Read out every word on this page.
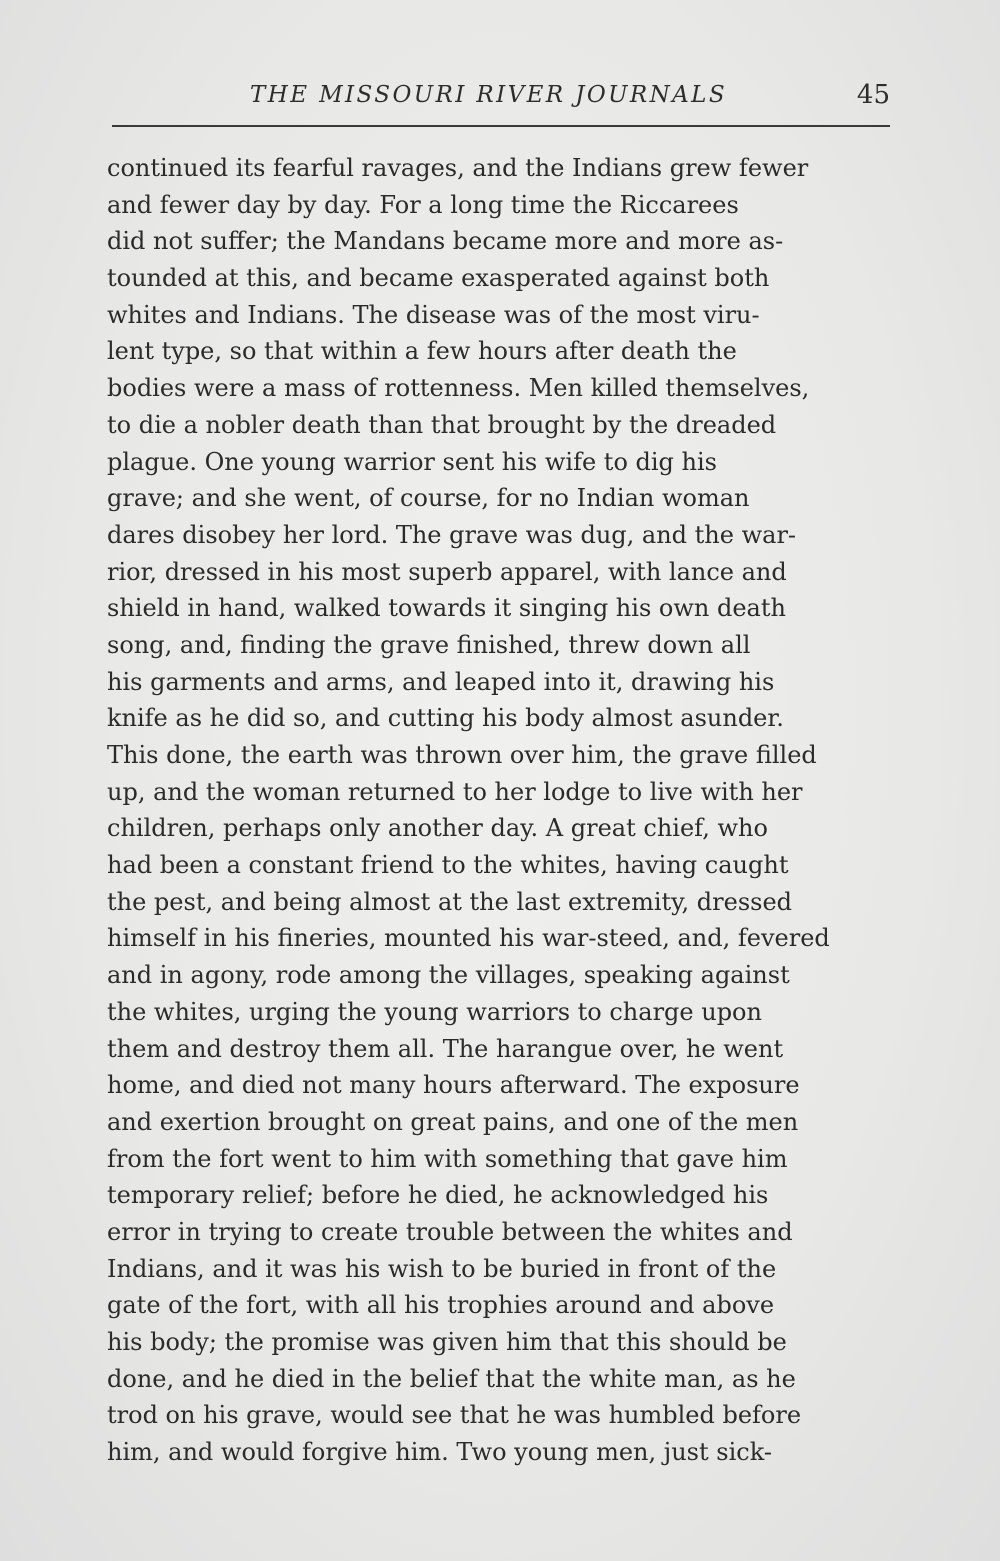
THE MISSOURI RIVER JOURNALS	45
continued its fearful ravages, and the Indians grew fewer
and fewer day by day. For a long time the Riccarees
did not suffer; the Mandans became more and more as-
tounded at this, and became exasperated against both
whites and Indians. The disease was of the most viru-
lent type, so that within a few hours after death the
bodies were a mass of rottenness. Men killed themselves,
to die a nobler death than that brought by the dreaded
plague. One young warrior sent his wife to dig his
grave; and she went, of course, for no Indian woman
dares disobey her lord. The grave was dug, and the war-
rior, dressed in his most superb apparel, with lance and
shield in hand, walked towards it singing his own death
song, and, finding the grave finished, threw down all
his garments and arms, and leaped into it, drawing his
knife as he did so, and cutting his body almost asunder.
This done, the earth was thrown over him, the grave filled
up, and the woman returned to her lodge to live with her
children, perhaps only another day. A great chief, who
had been a constant friend to the whites, having caught
the pest, and being almost at the last extremity, dressed
himself in his fineries, mounted his war-steed, and, fevered
and in agony, rode among the villages, speaking against
the whites, urging the young warriors to charge upon
them and destroy them all. The harangue over, he went
home, and died not many hours afterward. The exposure
and exertion brought on great pains, and one of the men
from the fort went to him with something that gave him
temporary relief; before he died, he acknowledged his
error in trying to create trouble between the whites and
Indians, and it was his wish to be buried in front of the
gate of the fort, with all his trophies around and above
his body; the promise was given him that this should be
done, and he died in the belief that the white man, as he
trod on his grave, would see that he was humbled before
him, and would forgive him. Two young men, just sick-
